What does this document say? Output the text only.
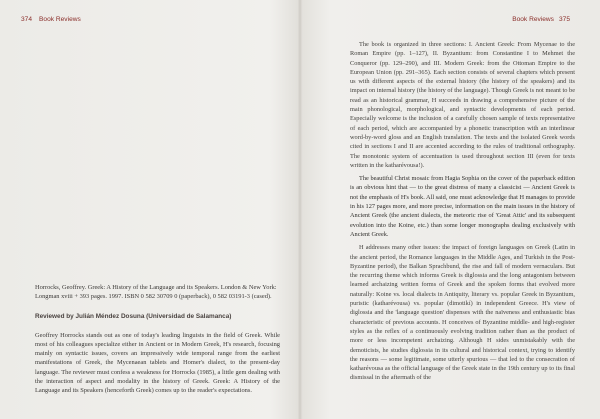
374 Book Reviews

Horrocks, Geoffrey. Greek: A History of the Language and its Speakers. London & New York: Longman xviii + 393 pages. 1997. ISBN 0 582 30709 0 (paperback), 0 582 03191-3 (cased).

Reviewed by Julián Méndez Dosuna (Universidad de Salamanca)

Geoffrey Horrocks stands out as one of today's leading linguists in the field of Greek. While most of his colleagues specialize either in Ancient or in Modern Greek, H's research, focusing mainly on syntactic issues, covers an impressively wide temporal range from the earliest manifestations of Greek, the Mycenaean tablets and Homer's dialect, to the present-day language. The reviewer must confess a weakness for Horrocks (1985), a little gem dealing with the interaction of aspect and modality in the history of Greek. Greek: A History of the Language and its Speakers (henceforth Greek) comes up to the reader's expectations.

Book Reviews 375

The book is organized in three sections: I. Ancient Greek: From Mycenae to the Roman Empire (pp. 1–127), II. Byzantium: from Constantine I to Mehmet the Conqueror (pp. 129–290), and III. Modern Greek: from the Ottoman Empire to the European Union (pp. 291–365). Each section consists of several chapters which present us with different aspects of the external history (the history of the speakers) and its impact on internal history (the history of the language). Though Greek is not meant to be read as an historical grammar, H succeeds in drawing a comprehensive picture of the main phonological, morphological, and syntactic developments of each period. Especially welcome is the inclusion of a carefully chosen sample of texts representative of each period, which are accompanied by a phonetic transcription with an interlinear word-by-word gloss and an English translation. The texts and the isolated Greek words cited in sections I and II are accented according to the rules of traditional orthography. The monotonic system of accentuation is used throughout section III (even for texts written in the katharévousa!).

The beautiful Christ mosaic from Hagia Sophia on the cover of the paperback edition is an obvious hint that — to the great distress of many a classicist — Ancient Greek is not the emphasis of H's book. All said, one must acknowledge that H manages to provide in his 127 pages more, and more precise, information on the main issues in the history of Ancient Greek (the ancient dialects, the meteoric rise of 'Great Attic' and its subsequent evolution into the Koine, etc.) than some longer monographs dealing exclusively with Ancient Greek.

H addresses many other issues: the impact of foreign languages on Greek (Latin in the ancient period, the Romance languages in the Middle Ages, and Turkish in the Post-Byzantine period), the Balkan Sprachbund, the rise and fall of modern vernaculars. But the recurring theme which informs Greek is diglossia and the long antagonism between learned archaizing written forms of Greek and the spoken forms that evolved more naturally: Koine vs. local dialects in Antiquity, literary vs. popular Greek in Byzantium, puristic (katharévousa) vs. popular (dimotikí) in independent Greece. H's view of diglossia and the 'language question' dispenses with the naïveness and enthusiastic bias characteristic of previous accounts. H conceives of Byzantine middle- and high-register styles as the reflex of a continuously evolving tradition rather than as the product of more or less incompetent archaizing. Although H sides unmistakably with the demoticists, he studies diglossia in its cultural and historical context, trying to identify the reasons — some legitimate, some utterly spurious — that led to the consecration of katharévousa as the official language of the Greek state in the 19th century up to its final dismissal in the aftermath of the
